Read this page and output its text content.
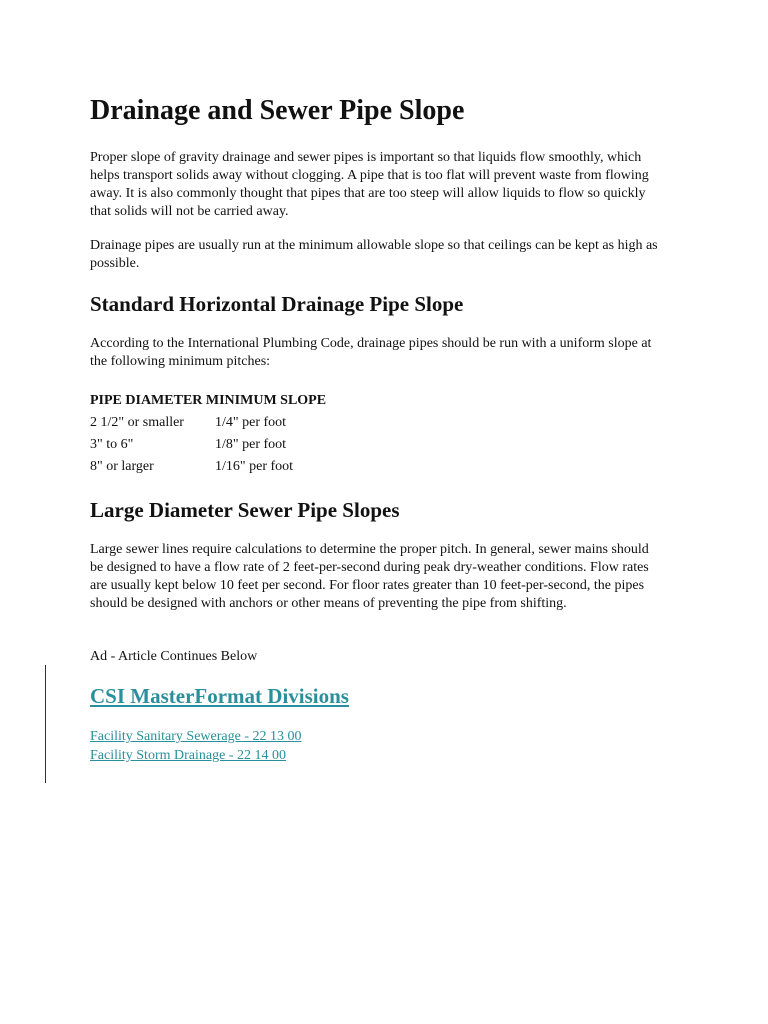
Drainage and Sewer Pipe Slope

Proper slope of gravity drainage and sewer pipes is important so that liquids flow smoothly, which helps transport solids away without clogging. A pipe that is too flat will prevent waste from flowing away. It is also commonly thought that pipes that are too steep will allow liquids to flow so quickly that solids will not be carried away.

Drainage pipes are usually run at the minimum allowable slope so that ceilings can be kept as high as possible.

Standard Horizontal Drainage Pipe Slope

According to the International Plumbing Code, drainage pipes should be run with a uniform slope at the following minimum pitches:

PIPE DIAMETER MINIMUM SLOPE
2 1/2" or smaller 1/4" per foot
3" to 6"	1/8" per foot
8" or larger	1/16" per foot
Large Diameter Sewer Pipe Slopes

Large sewer lines require calculations to determine the proper pitch. In general, sewer mains should be designed to have a flow rate of 2 feet-per-second during peak dry-weather conditions. Flow rates are usually kept below 10 feet per second. For floor rates greater than 10 feet-per-second, the pipes should be designed with anchors or other means of preventing the pipe from shifting.

Ad - Article Continues Below

CSI MasterFormat Divisions
Facility Sanitary Sewerage - 22 13 00
Facility Storm Drainage - 22 14 00
